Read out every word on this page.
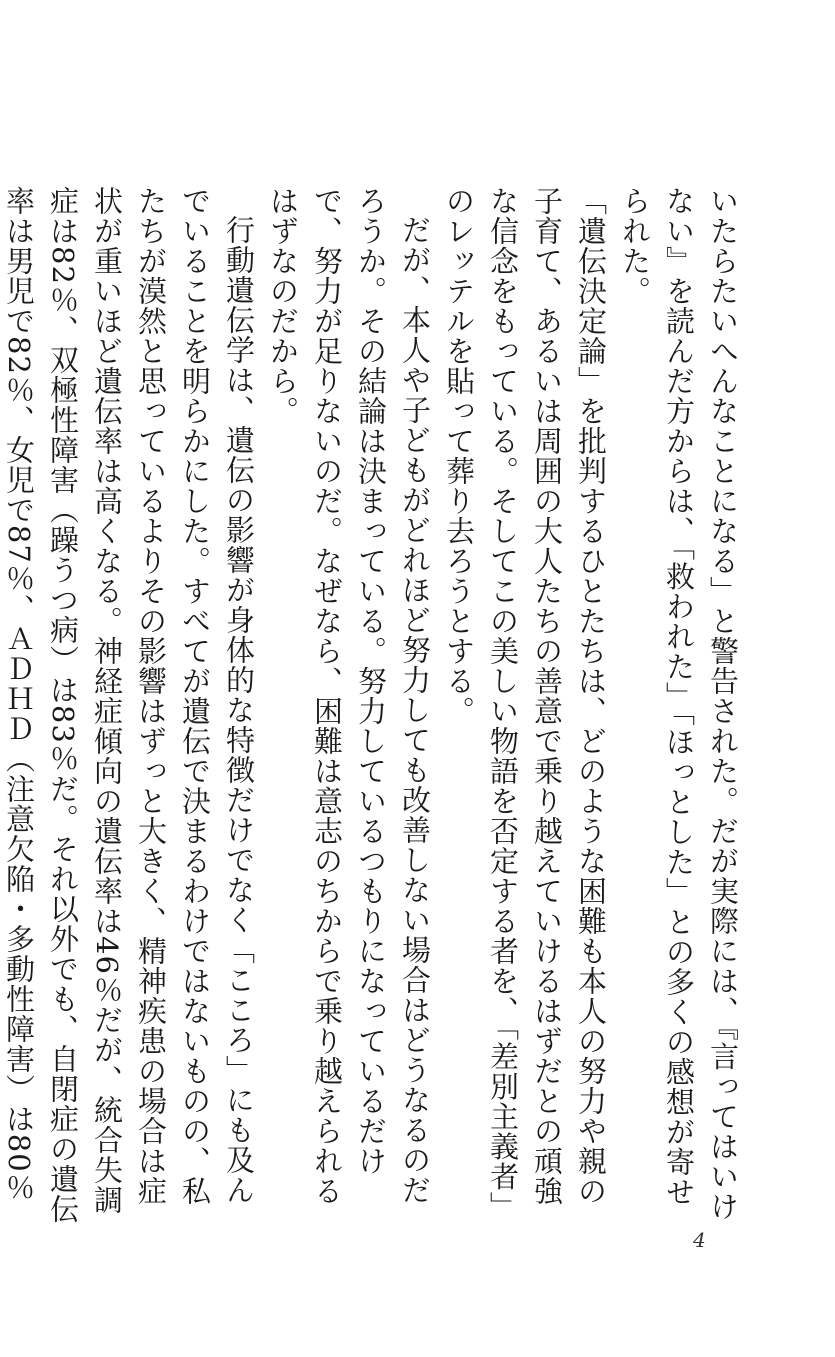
いたらたいへんなことになる」と警告された。だが実際には、『言ってはいけない』を読んだ方からは、「救われた」「ほっとした」との多くの感想が寄せられた。

「遺伝決定論」を批判するひとたちは、どのような困難も本人の努力や親の子育て、あるいは周囲の大人たちの善意で乗り越えていけるはずだとの頑強な信念をもっている。そしてこの美しい物語を否定する者を、「差別主義者」のレッテルを貼って葬り去ろうとする。

だが、本人や子どもがどれほど努力しても改善しない場合はどうなるのだろうか。その結論は決まっている。努力しているつもりになっているだけで、努力が足りないのだ。なぜなら、困難は意志のちからで乗り越えられるはずなのだから。

行動遺伝学は、遺伝の影響が身体的な特徴だけでなく「こころ」にも及んでいることを明らかにした。すべてが遺伝で決まるわけではないものの、私たちが漠然と思っているよりその影響はずっと大きく、精神疾患の場合は症状が重いほど遺伝率は高くなる。神経症傾向の遺伝率は46％だが、統合失調症は82％、双極性障害（躁うつ病）は83％だ。それ以外でも、自閉症の遺伝率は男児で82％、女児で87％、ＡＤＨＤ（注意欠陥・多動性障害）は80％

4
